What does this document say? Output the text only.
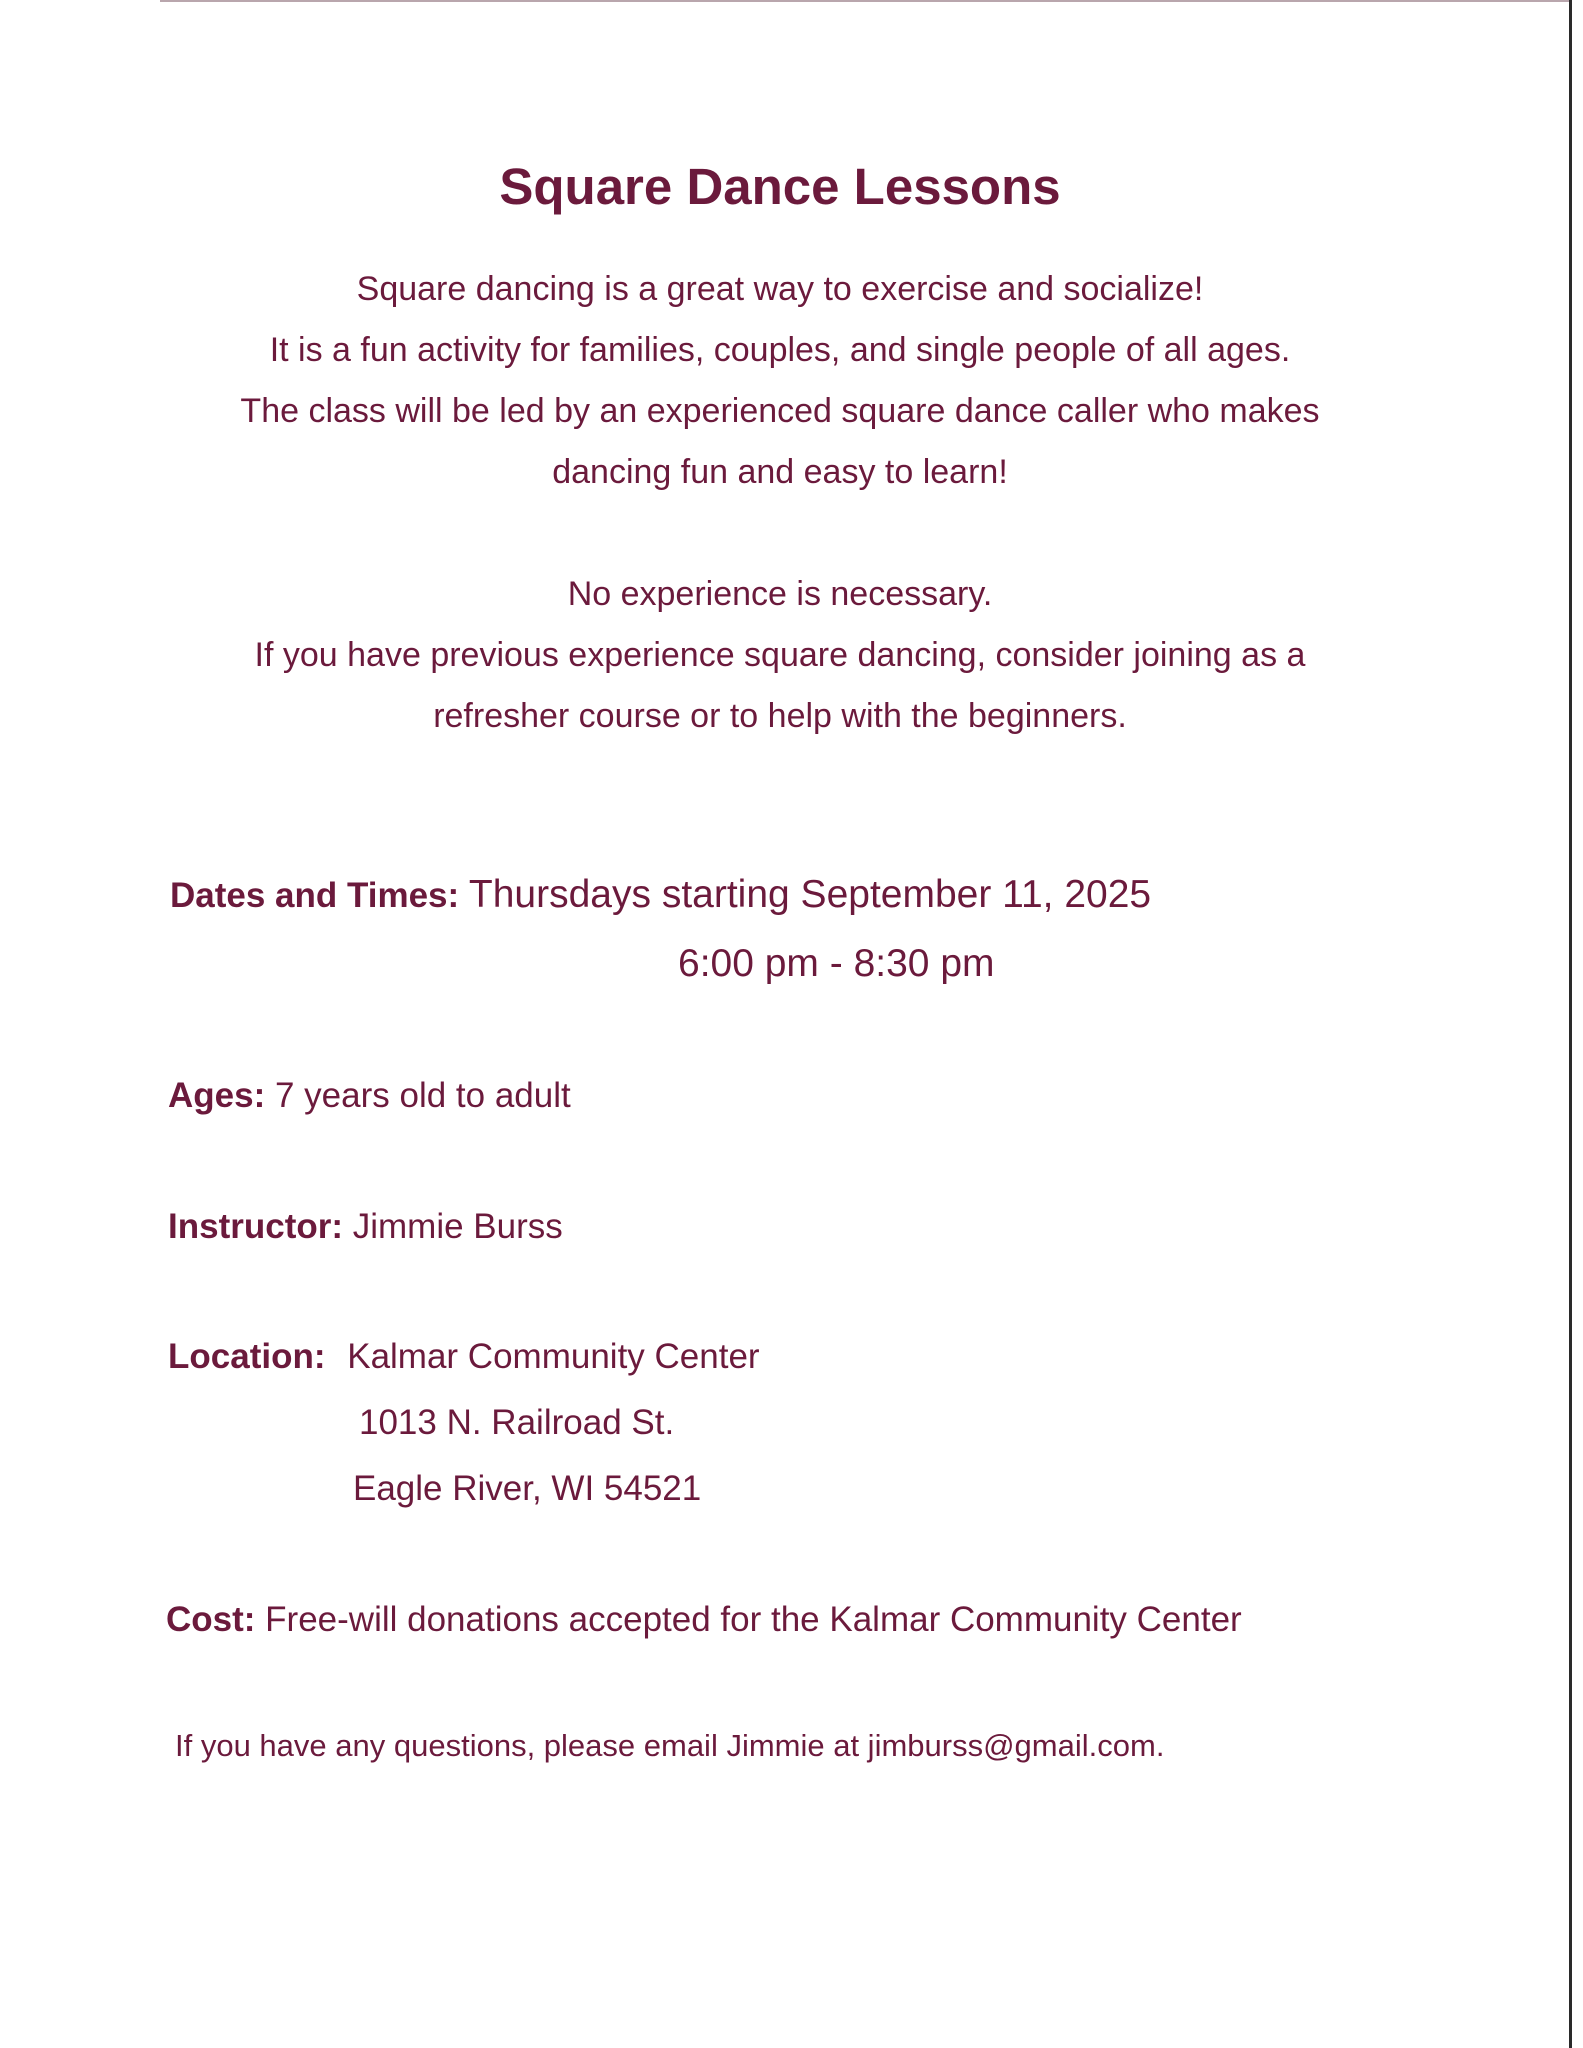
Square Dance Lessons
Square dancing is a great way to exercise and socialize!
It is a fun activity for families, couples, and single people of all ages.
The class will be led by an experienced square dance caller who makes
dancing fun and easy to learn!
No experience is necessary.
If you have previous experience square dancing, consider joining as a
refresher course or to help with the beginners.
Dates and Times: Thursdays starting September 11, 2025
6:00 pm - 8:30 pm
Ages: 7 years old to adult
Instructor: Jimmie Burss
Location: Kalmar Community Center
1013 N. Railroad St.
Eagle River, WI 54521
Cost: Free-will donations accepted for the Kalmar Community Center
If you have any questions, please email Jimmie at jimburss@gmail.com.
